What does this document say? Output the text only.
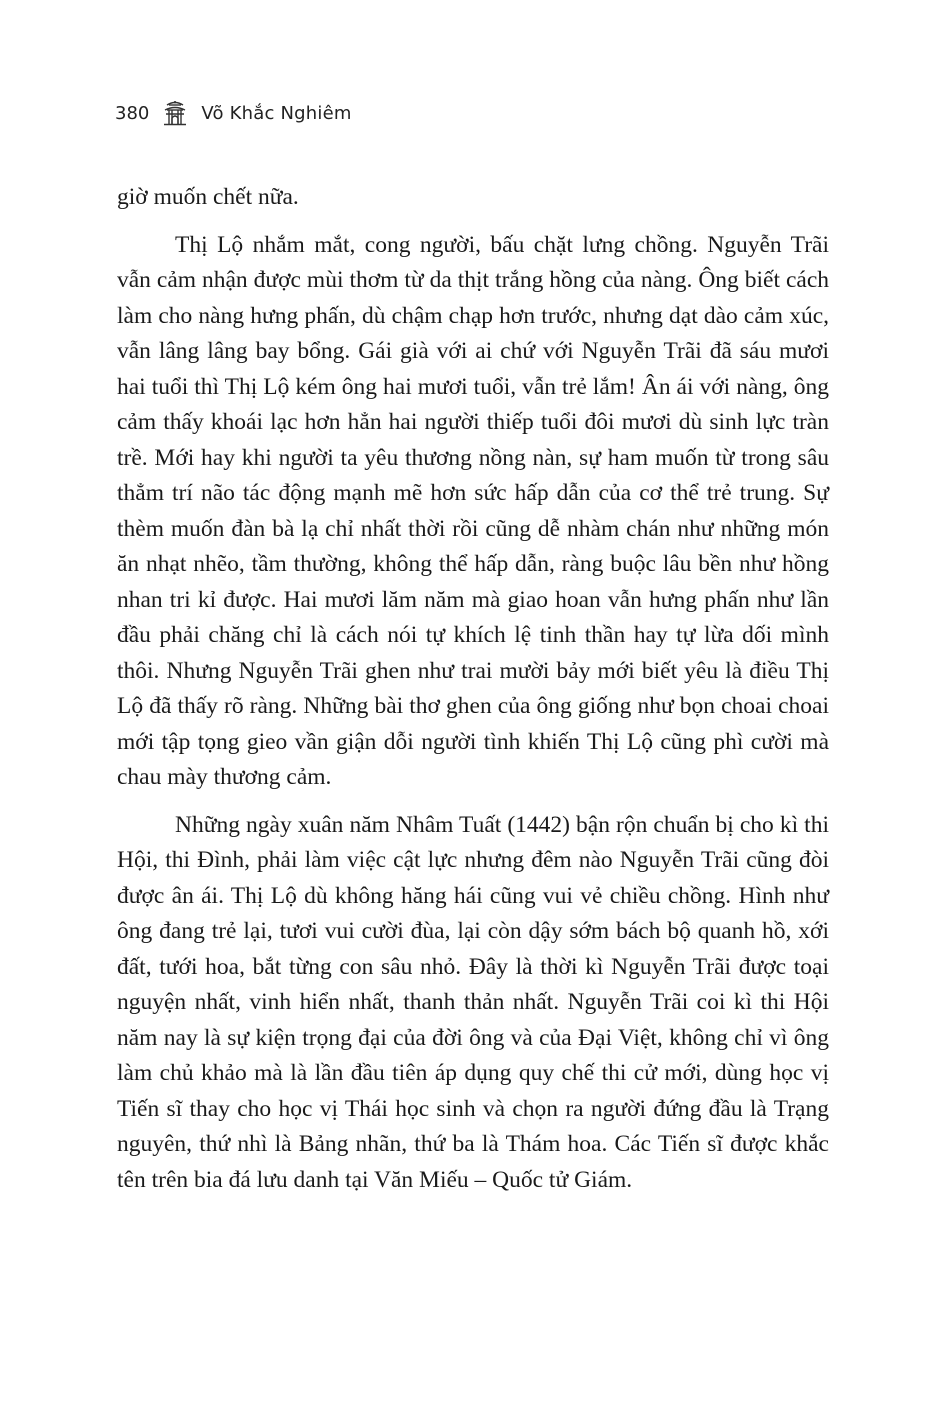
380	Võ Khắc Nghiêm

giờ muốn chết nữa.

Thị Lộ nhắm mắt, cong người, bấu chặt lưng chồng. Nguyễn Trãi vẫn cảm nhận được mùi thơm từ da thịt trắng hồng của nàng. Ông biết cách làm cho nàng hưng phấn, dù chậm chạp hơn trước, nhưng dạt dào cảm xúc, vẫn lâng lâng bay bổng. Gái già với ai chứ với Nguyễn Trãi đã sáu mươi hai tuổi thì Thị Lộ kém ông hai mươi tuổi, vẫn trẻ lắm! Ân ái với nàng, ông cảm thấy khoái lạc hơn hẳn hai người thiếp tuổi đôi mươi dù sinh lực tràn trề. Mới hay khi người ta yêu thương nồng nàn, sự ham muốn từ trong sâu thẳm trí não tác động mạnh mẽ hơn sức hấp dẫn của cơ thể trẻ trung. Sự thèm muốn đàn bà lạ chỉ nhất thời rồi cũng dễ nhàm chán như những món ăn nhạt nhẽo, tầm thường, không thể hấp dẫn, ràng buộc lâu bền như hồng nhan tri kỉ được. Hai mươi lăm năm mà giao hoan vẫn hưng phấn như lần đầu phải chăng chỉ là cách nói tự khích lệ tinh thần hay tự lừa dối mình thôi. Nhưng Nguyễn Trãi ghen như trai mười bảy mới biết yêu là điều Thị Lộ đã thấy rõ ràng. Những bài thơ ghen của ông giống như bọn choai choai mới tập tọng gieo vần giận dỗi người tình khiến Thị Lộ cũng phì cười mà chau mày thương cảm.

Những ngày xuân năm Nhâm Tuất (1442) bận rộn chuẩn bị cho kì thi Hội, thi Đình, phải làm việc cật lực nhưng đêm nào Nguyễn Trãi cũng đòi được ân ái. Thị Lộ dù không hăng hái cũng vui vẻ chiều chồng. Hình như ông đang trẻ lại, tươi vui cười đùa, lại còn dậy sớm bách bộ quanh hồ, xới đất, tưới hoa, bắt từng con sâu nhỏ. Đây là thời kì Nguyễn Trãi được toại nguyện nhất, vinh hiển nhất, thanh thản nhất. Nguyễn Trãi coi kì thi Hội năm nay là sự kiện trọng đại của đời ông và của Đại Việt, không chỉ vì ông làm chủ khảo mà là lần đầu tiên áp dụng quy chế thi cử mới, dùng học vị Tiến sĩ thay cho học vị Thái học sinh và chọn ra người đứng đầu là Trạng nguyên, thứ nhì là Bảng nhãn, thứ ba là Thám hoa. Các Tiến sĩ được khắc tên trên bia đá lưu danh tại Văn Miếu – Quốc tử Giám.
